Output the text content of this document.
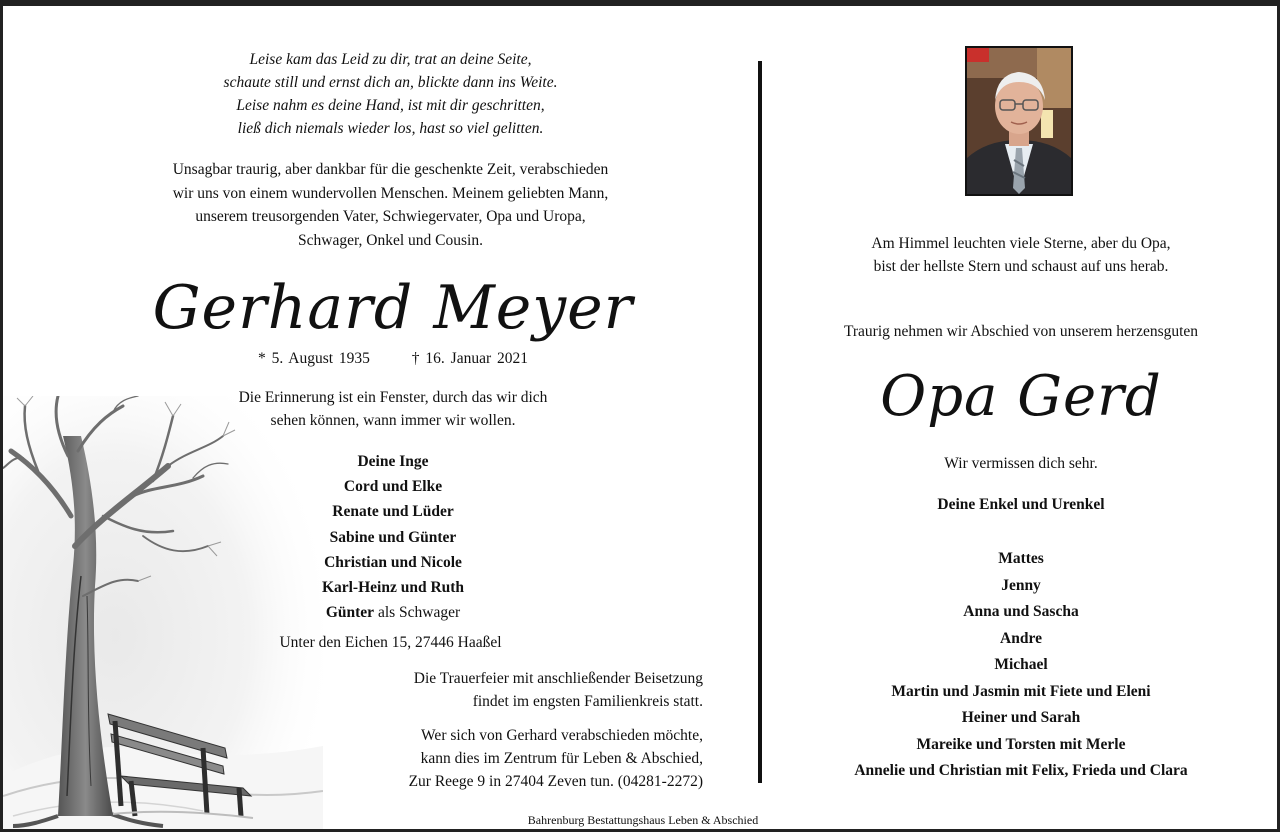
Leise kam das Leid zu dir, trat an deine Seite,
schaute still und ernst dich an, blickte dann ins Weite.
Leise nahm es deine Hand, ist mit dir geschritten,
ließ dich niemals wieder los, hast so viel gelitten.
Unsagbar traurig, aber dankbar für die geschenkte Zeit, verabschieden
wir uns von einem wundervollen Menschen. Meinem geliebten Mann,
unserem treusorgenden Vater, Schwiegervater, Opa und Uropa,
Schwager, Onkel und Cousin.
Gerhard Meyer
* 5. August 1935	† 16. Januar 2021
Die Erinnerung ist ein Fenster, durch das wir dich
sehen können, wann immer wir wollen.
Deine Inge
Cord und Elke
Renate und Lüder
Sabine und Günter
Christian und Nicole
Karl-Heinz und Ruth
Günter als Schwager
Unter den Eichen 15, 27446 Haaßel
Die Trauerfeier mit anschließender Beisetzung
findet im engsten Familienkreis statt.
Wer sich von Gerhard verabschieden möchte,
kann dies im Zentrum für Leben & Abschied,
Zur Reege 9 in 27404 Zeven tun. (04281-2272)
Am Himmel leuchten viele Sterne, aber du Opa,
bist der hellste Stern und schaust auf uns herab.
Traurig nehmen wir Abschied von unserem herzensguten
Opa Gerd
Wir vermissen dich sehr.
Deine Enkel und Urenkel
Mattes
Jenny
Anna und Sascha
Andre
Michael
Martin und Jasmin mit Fiete und Eleni
Heiner und Sarah
Mareike und Torsten mit Merle
Annelie und Christian mit Felix, Frieda und Clara
Bahrenburg Bestattungshaus Leben & Abschied
